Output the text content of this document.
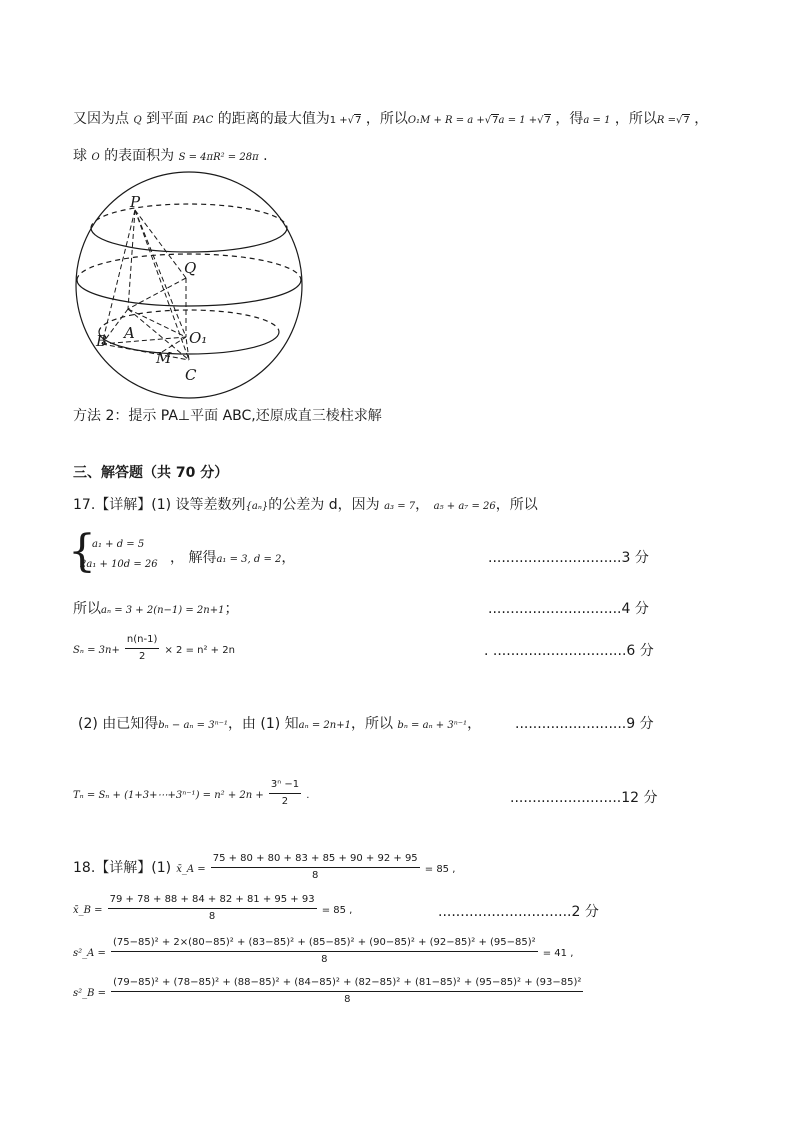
又因为点 Q 到平面 PAC 的距离的最大值为1 +√7 ，所以O₁M + R = a +√7a = 1 +√7 ，得a = 1 ，所以R =√7 ，
球 O 的表面积为 S = 4πR² = 28π .
P
Q
B A	O₁
M
C
方法 2：提示 PA⊥平面 ABC,还原成直三棱柱求解
三、解答题（共 70 分）
17.【详解】(1) 设等差数列{aₙ}的公差为 d，因为 a₃ = 7， a₅ + a₇ = 26，所以
{
a₁ + d = 5
2a₁ + 10d = 26 ， 解得a₁ = 3, d = 2，	..............................3 分
所以aₙ = 3 + 2(n−1) = 2n+1；	..............................4 分
$S_n = 3n+ \frac{n(n-1)}{2} \times 2 = n^2 + 2n$	. ..............................6 分
(2) 由已知得bₙ − aₙ = 3ⁿ⁻¹，由 (1) 知aₙ = 2n+1，所以 bₙ = aₙ + 3ⁿ⁻¹， .........................9 分
Tₙ = Sₙ + (1+3+⋯+3ⁿ⁻¹) = $n^2 + 2n + \frac{\text{3ⁿ −1}}{2}$ .	.........................12 分
18.【详解】(1) x̄_A = $\frac{75 + 80 + 80 + 83 + 85 + 90 + 92 + 95}{8} = 85$ ,
x̄_B = $\frac{79 + 78 + 88 + 84 + 82 + 81 + 95 + 93}{8} = 85$ ,	..............................2 分
s²_A =
(75−85)² + 2×(80−85)² + (83−85)² + (85−85)² + (90−85)² + (92−85)² + (95−85)²
8
= 41 ,
s²_B =
(79−85)² + (78−85)² + (88−85)² + (84−85)² + (82−85)² + (81−85)² + (95−85)² + (93−85)²
8
